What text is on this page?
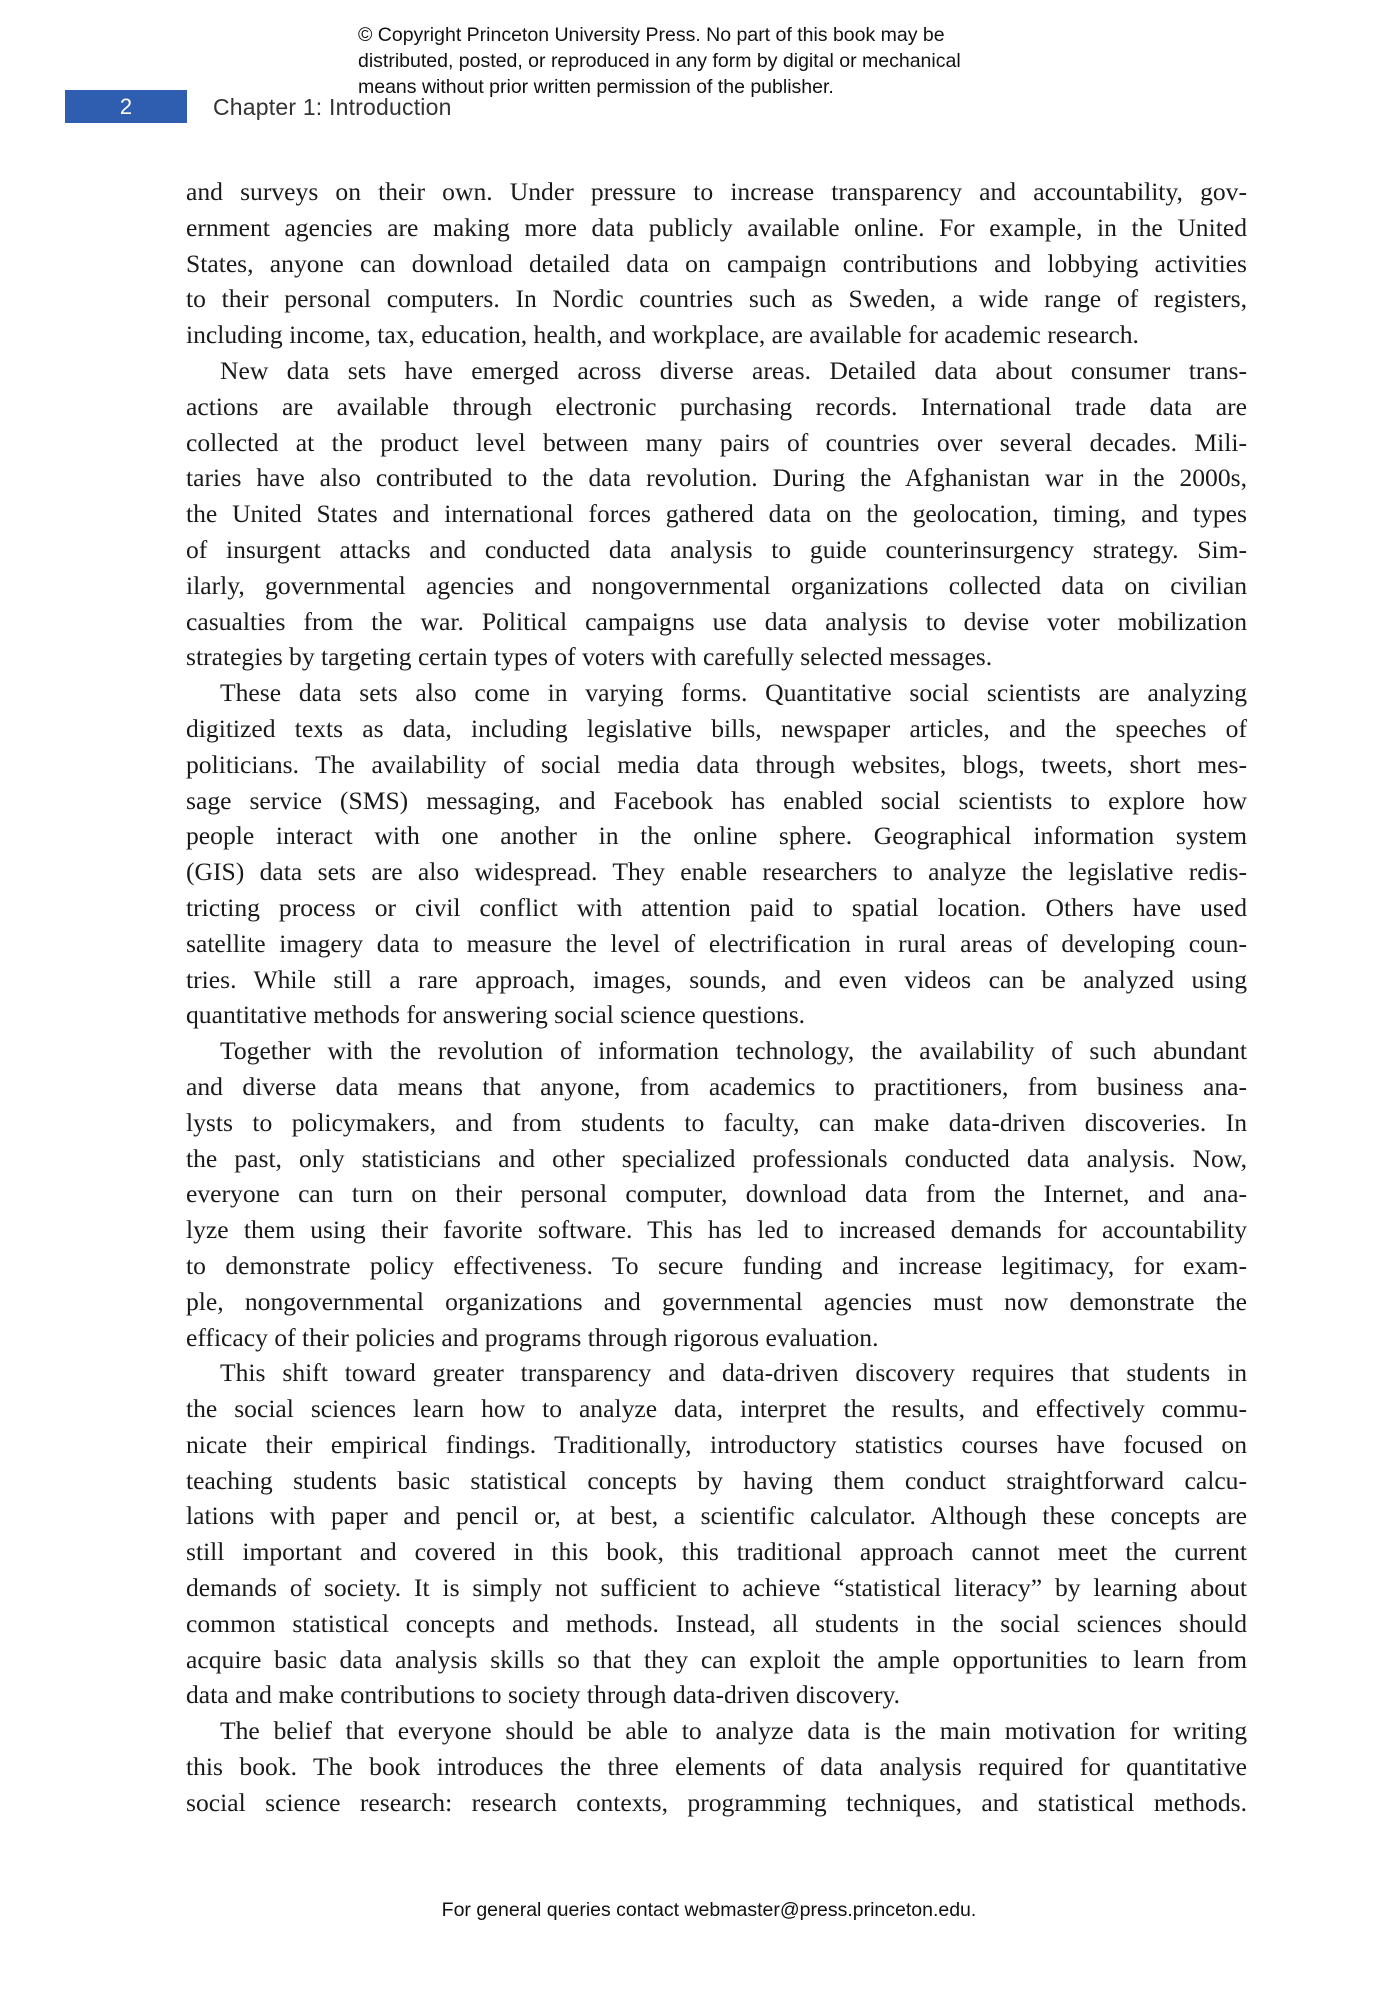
© Copyright Princeton University Press. No part of this book may be
distributed, posted, or reproduced in any form by digital or mechanical
means without prior written permission of the publisher.
2	Chapter 1: Introduction

and surveys on their own. Under pressure to increase transparency and accountability, gov-
ernment agencies are making more data publicly available online. For example, in the United
States, anyone can download detailed data on campaign contributions and lobbying activities
to their personal computers. In Nordic countries such as Sweden, a wide range of registers,
including income, tax, education, health, and workplace, are available for academic research.

New data sets have emerged across diverse areas. Detailed data about consumer trans-
actions are available through electronic purchasing records. International trade data are
collected at the product level between many pairs of countries over several decades. Mili-
taries have also contributed to the data revolution. During the Afghanistan war in the 2000s,
the United States and international forces gathered data on the geolocation, timing, and types
of insurgent attacks and conducted data analysis to guide counterinsurgency strategy. Sim-
ilarly, governmental agencies and nongovernmental organizations collected data on civilian
casualties from the war. Political campaigns use data analysis to devise voter mobilization
strategies by targeting certain types of voters with carefully selected messages.

These data sets also come in varying forms. Quantitative social scientists are analyzing
digitized texts as data, including legislative bills, newspaper articles, and the speeches of
politicians. The availability of social media data through websites, blogs, tweets, short mes-
sage service (SMS) messaging, and Facebook has enabled social scientists to explore how
people interact with one another in the online sphere. Geographical information system
(GIS) data sets are also widespread. They enable researchers to analyze the legislative redis-
tricting process or civil conflict with attention paid to spatial location. Others have used
satellite imagery data to measure the level of electrification in rural areas of developing coun-
tries. While still a rare approach, images, sounds, and even videos can be analyzed using
quantitative methods for answering social science questions.

Together with the revolution of information technology, the availability of such abundant
and diverse data means that anyone, from academics to practitioners, from business ana-
lysts to policymakers, and from students to faculty, can make data-driven discoveries. In
the past, only statisticians and other specialized professionals conducted data analysis. Now,
everyone can turn on their personal computer, download data from the Internet, and ana-
lyze them using their favorite software. This has led to increased demands for accountability
to demonstrate policy effectiveness. To secure funding and increase legitimacy, for exam-
ple, nongovernmental organizations and governmental agencies must now demonstrate the
efficacy of their policies and programs through rigorous evaluation.

This shift toward greater transparency and data-driven discovery requires that students in
the social sciences learn how to analyze data, interpret the results, and effectively commu-
nicate their empirical findings. Traditionally, introductory statistics courses have focused on
teaching students basic statistical concepts by having them conduct straightforward calcu-
lations with paper and pencil or, at best, a scientific calculator. Although these concepts are
still important and covered in this book, this traditional approach cannot meet the current
demands of society. It is simply not sufficient to achieve “statistical literacy” by learning about
common statistical concepts and methods. Instead, all students in the social sciences should
acquire basic data analysis skills so that they can exploit the ample opportunities to learn from
data and make contributions to society through data-driven discovery.

The belief that everyone should be able to analyze data is the main motivation for writing
this book. The book introduces the three elements of data analysis required for quantitative
social science research: research contexts, programming techniques, and statistical methods.

For general queries contact webmaster@press.princeton.edu.
